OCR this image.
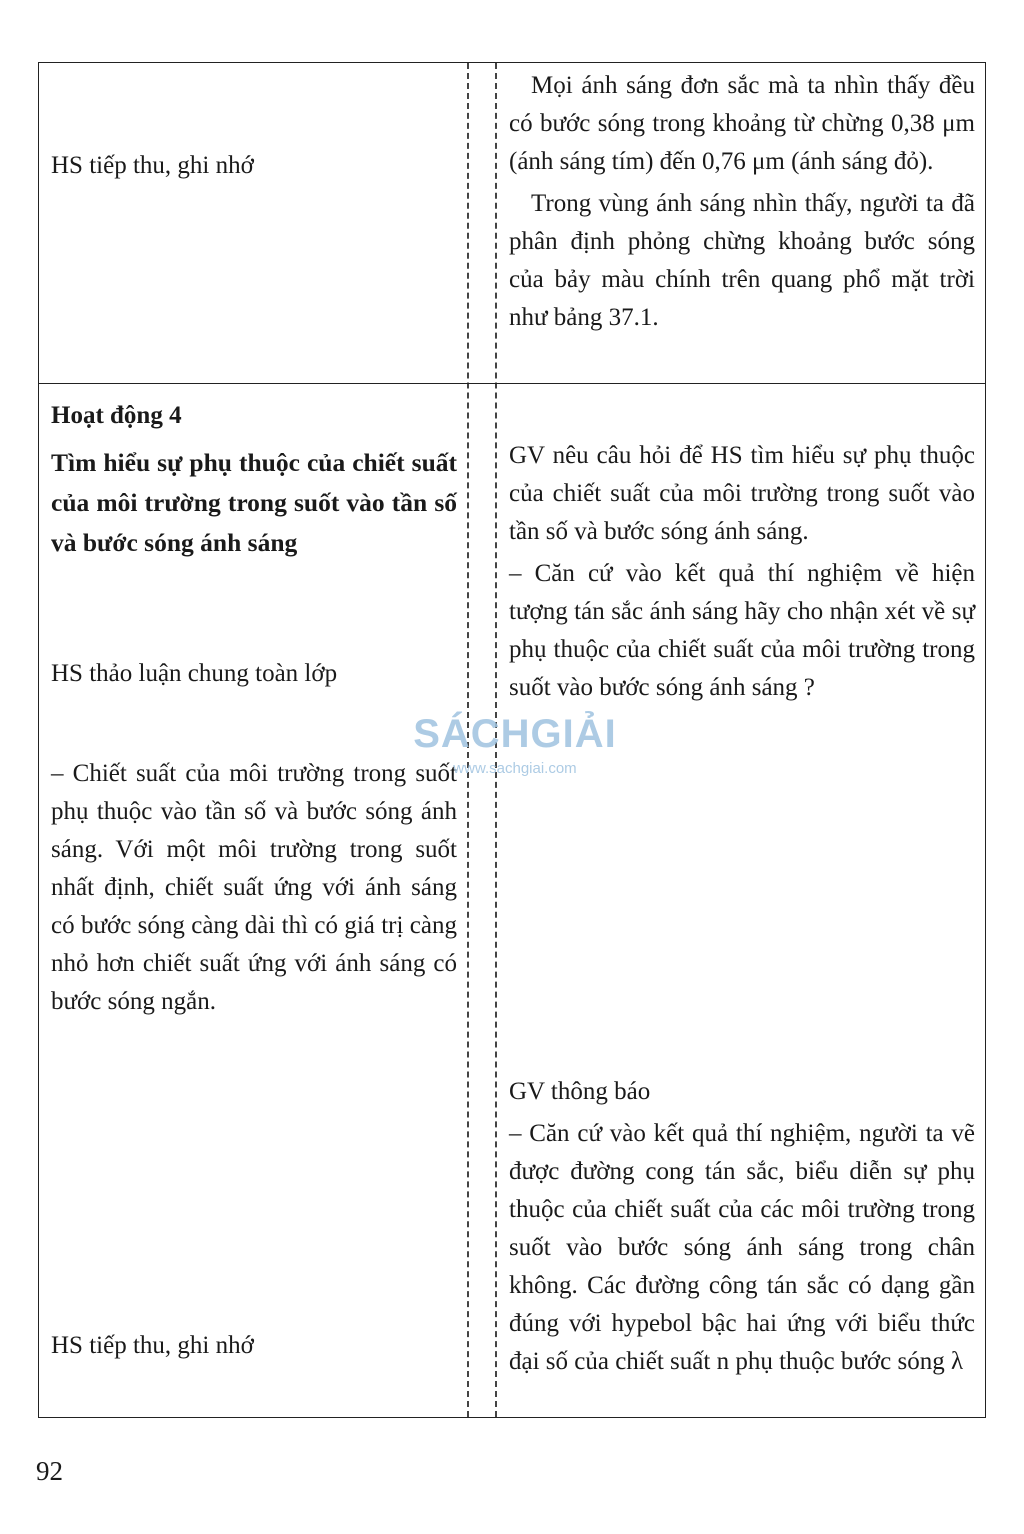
HS tiếp thu, ghi nhớ

Mọi ánh sáng đơn sắc mà ta nhìn thấy đều có bước sóng trong khoảng từ chừng 0,38 μm (ánh sáng tím) đến 0,76 μm (ánh sáng đỏ).

Trong vùng ánh sáng nhìn thấy, người ta đã phân định phỏng chừng khoảng bước sóng của bảy màu chính trên quang phổ mặt trời như bảng 37.1.

Hoạt động 4
Tìm hiểu sự phụ thuộc của chiết suất của môi trường trong suốt vào tần số và bước sóng ánh sáng
HS thảo luận chung toàn lớp
– Chiết suất của môi trường trong suốt phụ thuộc vào tần số và bước sóng ánh sáng. Với một môi trường trong suốt nhất định, chiết suất ứng với ánh sáng có bước sóng càng dài thì có giá trị càng nhỏ hơn chiết suất ứng với ánh sáng có bước sóng ngắn.
HS tiếp thu, ghi nhớ
GV nêu câu hỏi để HS tìm hiểu sự phụ thuộc của chiết suất của môi trường trong suốt vào tần số và bước sóng ánh sáng.
– Căn cứ vào kết quả thí nghiệm về hiện tượng tán sắc ánh sáng hãy cho nhận xét về sự phụ thuộc của chiết suất của môi trường trong suốt vào bước sóng ánh sáng ?
GV thông báo
– Căn cứ vào kết quả thí nghiệm, người ta vẽ được đường cong tán sắc, biểu diễn sự phụ thuộc của chiết suất của các môi trường trong suốt vào bước sóng ánh sáng trong chân không. Các đường công tán sắc có dạng gần đúng với hypebol bậc hai ứng với biểu thức đại số của chiết suất n phụ thuộc bước sóng λ
SÁCHGIẢI
www.sachgiai.com
92
